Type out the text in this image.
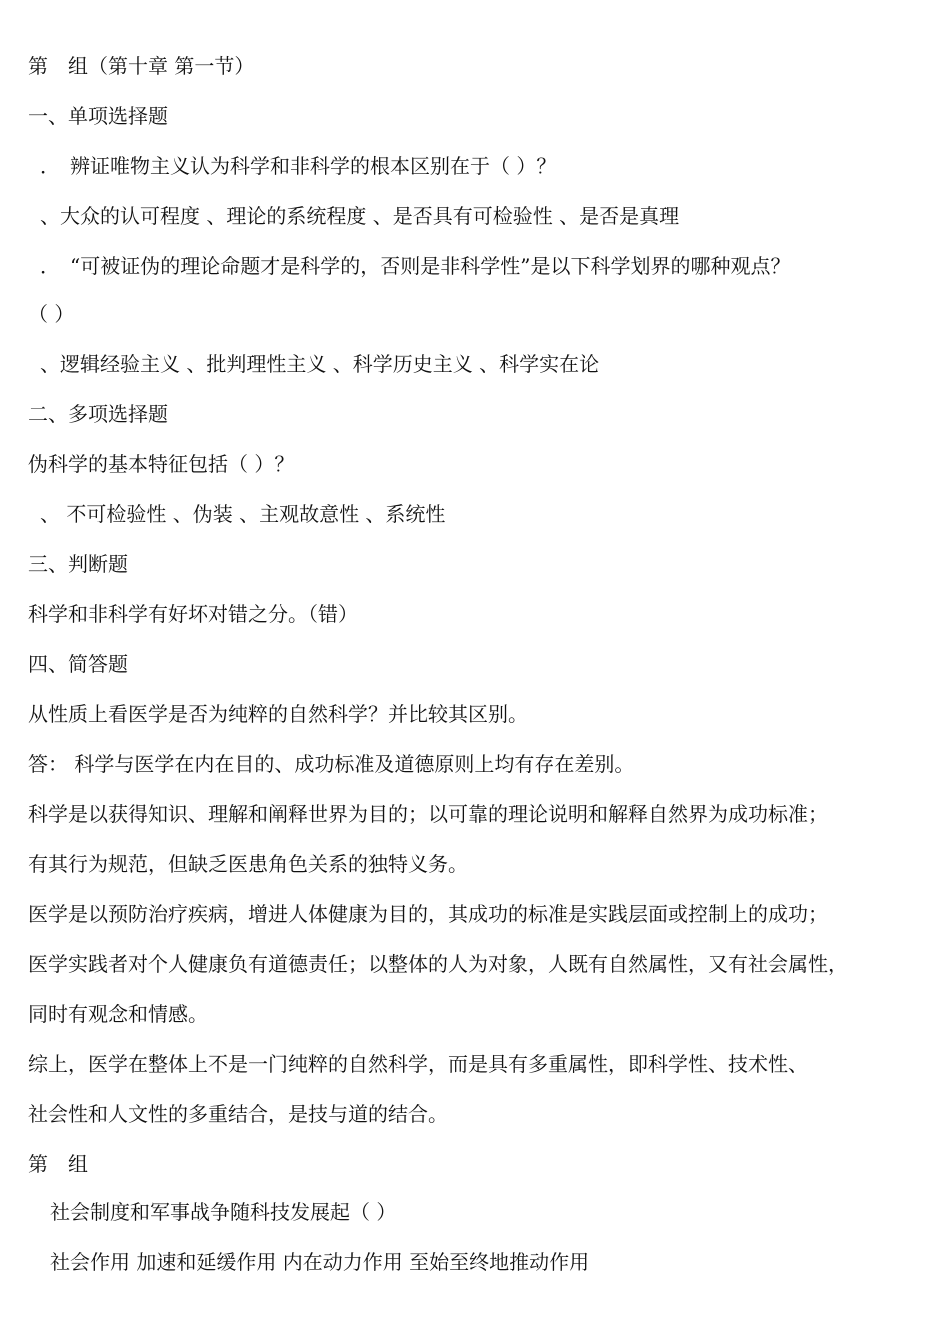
第　组（第十章 第一节）
一、单项选择题
．　辨证唯物主义认为科学和非科学的根本区别在于（ ）？
、大众的认可程度 、理论的系统程度 、是否具有可检验性 、是否是真理
．　“可被证伪的理论命题才是科学的，否则是非科学性”是以下科学划界的哪种观点？
（ ）
、逻辑经验主义 、批判理性主义 、科学历史主义 、科学实在论
二、多项选择题
伪科学的基本特征包括（ ）？
、 不可检验性 、伪装 、主观故意性 、系统性
三、判断题
科学和非科学有好坏对错之分。（错）
四、简答题
从性质上看医学是否为纯粹的自然科学？并比较其区别。
答： 科学与医学在内在目的、成功标准及道德原则上均有存在差别。
科学是以获得知识、理解和阐释世界为目的；以可靠的理论说明和解释自然界为成功标准；
有其行为规范，但缺乏医患角色关系的独特义务。
医学是以预防治疗疾病，增进人体健康为目的，其成功的标准是实践层面或控制上的成功；
医学实践者对个人健康负有道德责任；以整体的人为对象，人既有自然属性，又有社会属性，
同时有观念和情感。
综上，医学在整体上不是一门纯粹的自然科学，而是具有多重属性，即科学性、技术性、
社会性和人文性的多重结合，是技与道的结合。
第　组
社会制度和军事战争随科技发展起（ ）
社会作用 加速和延缓作用 内在动力作用 至始至终地推动作用
